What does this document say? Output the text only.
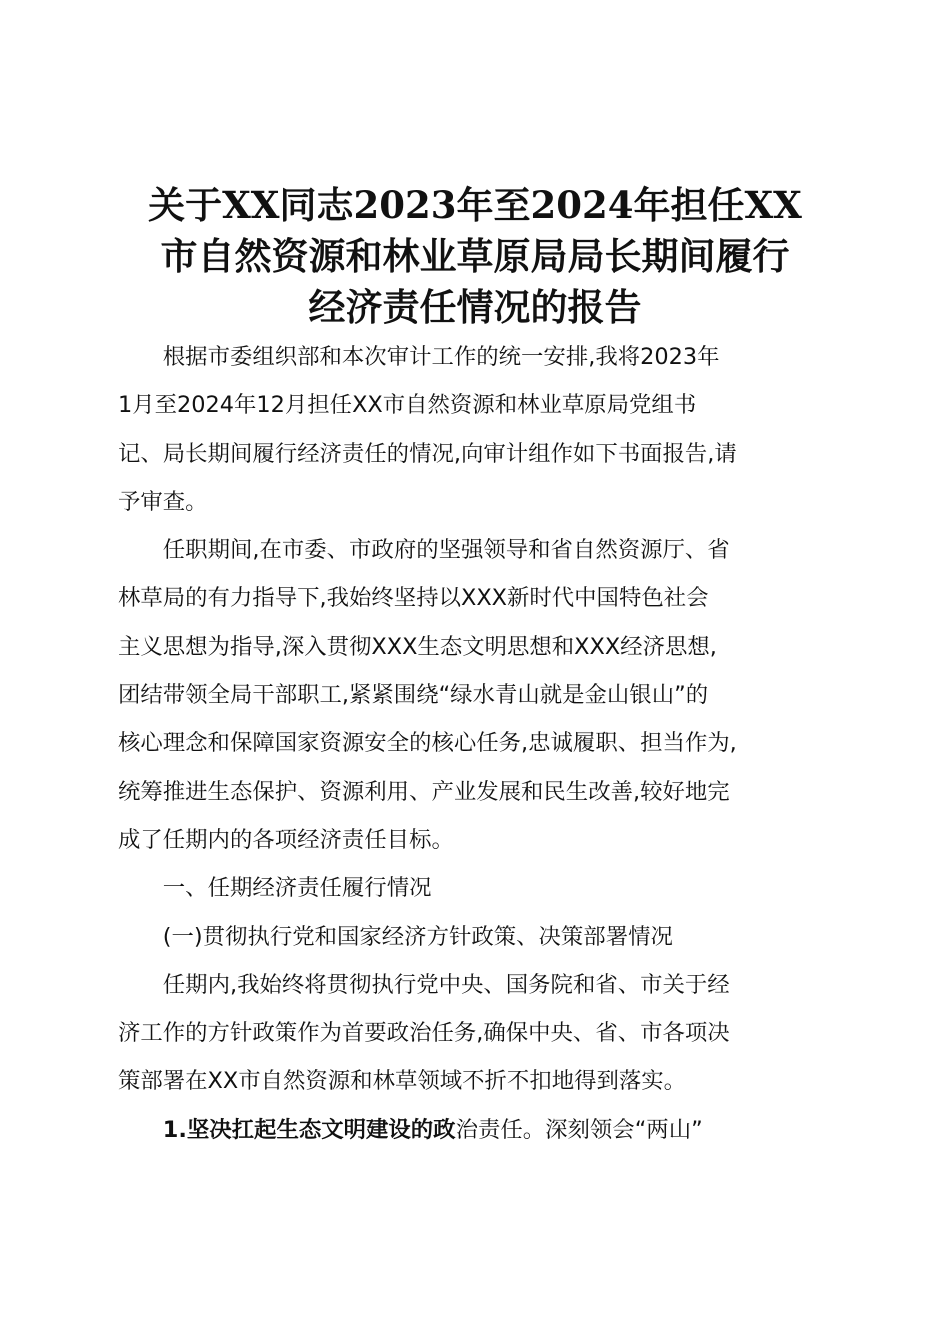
关于XX同志2023年至2024年担任XX
市自然资源和林业草原局局长期间履行
经济责任情况的报告

根据市委组织部和本次审计工作的统一安排,我将2023年
1月至2024年12月担任XX市自然资源和林业草原局党组书
记、局长期间履行经济责任的情况,向审计组作如下书面报告,请
予审查。

任职期间,在市委、市政府的坚强领导和省自然资源厅、省
林草局的有力指导下,我始终坚持以XXX新时代中国特色社会
主义思想为指导,深入贯彻XXX生态文明思想和XXX经济思想,
团结带领全局干部职工,紧紧围绕“绿水青山就是金山银山”的
核心理念和保障国家资源安全的核心任务,忠诚履职、担当作为,
统筹推进生态保护、资源利用、产业发展和民生改善,较好地完
成了任期内的各项经济责任目标。

一、任期经济责任履行情况

(一)贯彻执行党和国家经济方针政策、决策部署情况

任期内,我始终将贯彻执行党中央、国务院和省、市关于经
济工作的方针政策作为首要政治任务,确保中央、省、市各项决
策部署在XX市自然资源和林草领域不折不扣地得到落实。

1.坚决扛起生态文明建设的政治责任。深刻领会“两山”
